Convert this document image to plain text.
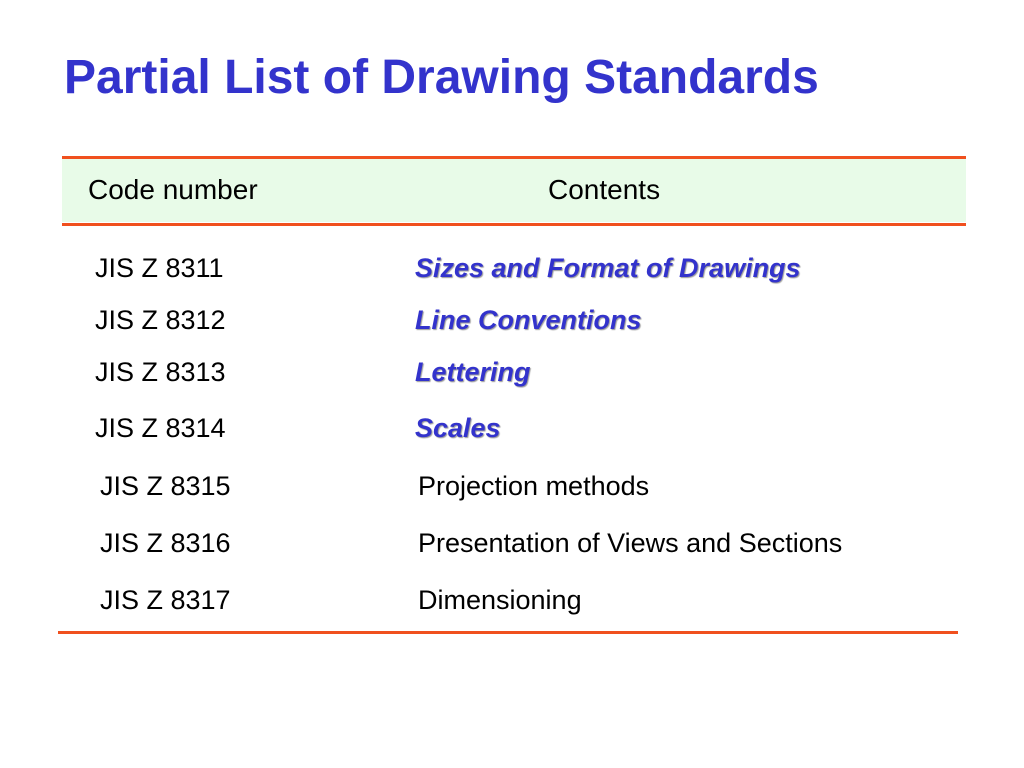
Partial List of Drawing Standards
Code number	Contents
JIS Z 8311	Sizes and Format of Drawings
JIS Z 8312	Line Conventions
JIS Z 8313	Lettering
JIS Z 8314	Scales
JIS Z 8315	Projection methods
JIS Z 8316	Presentation of Views and Sections
JIS Z 8317	Dimensioning
